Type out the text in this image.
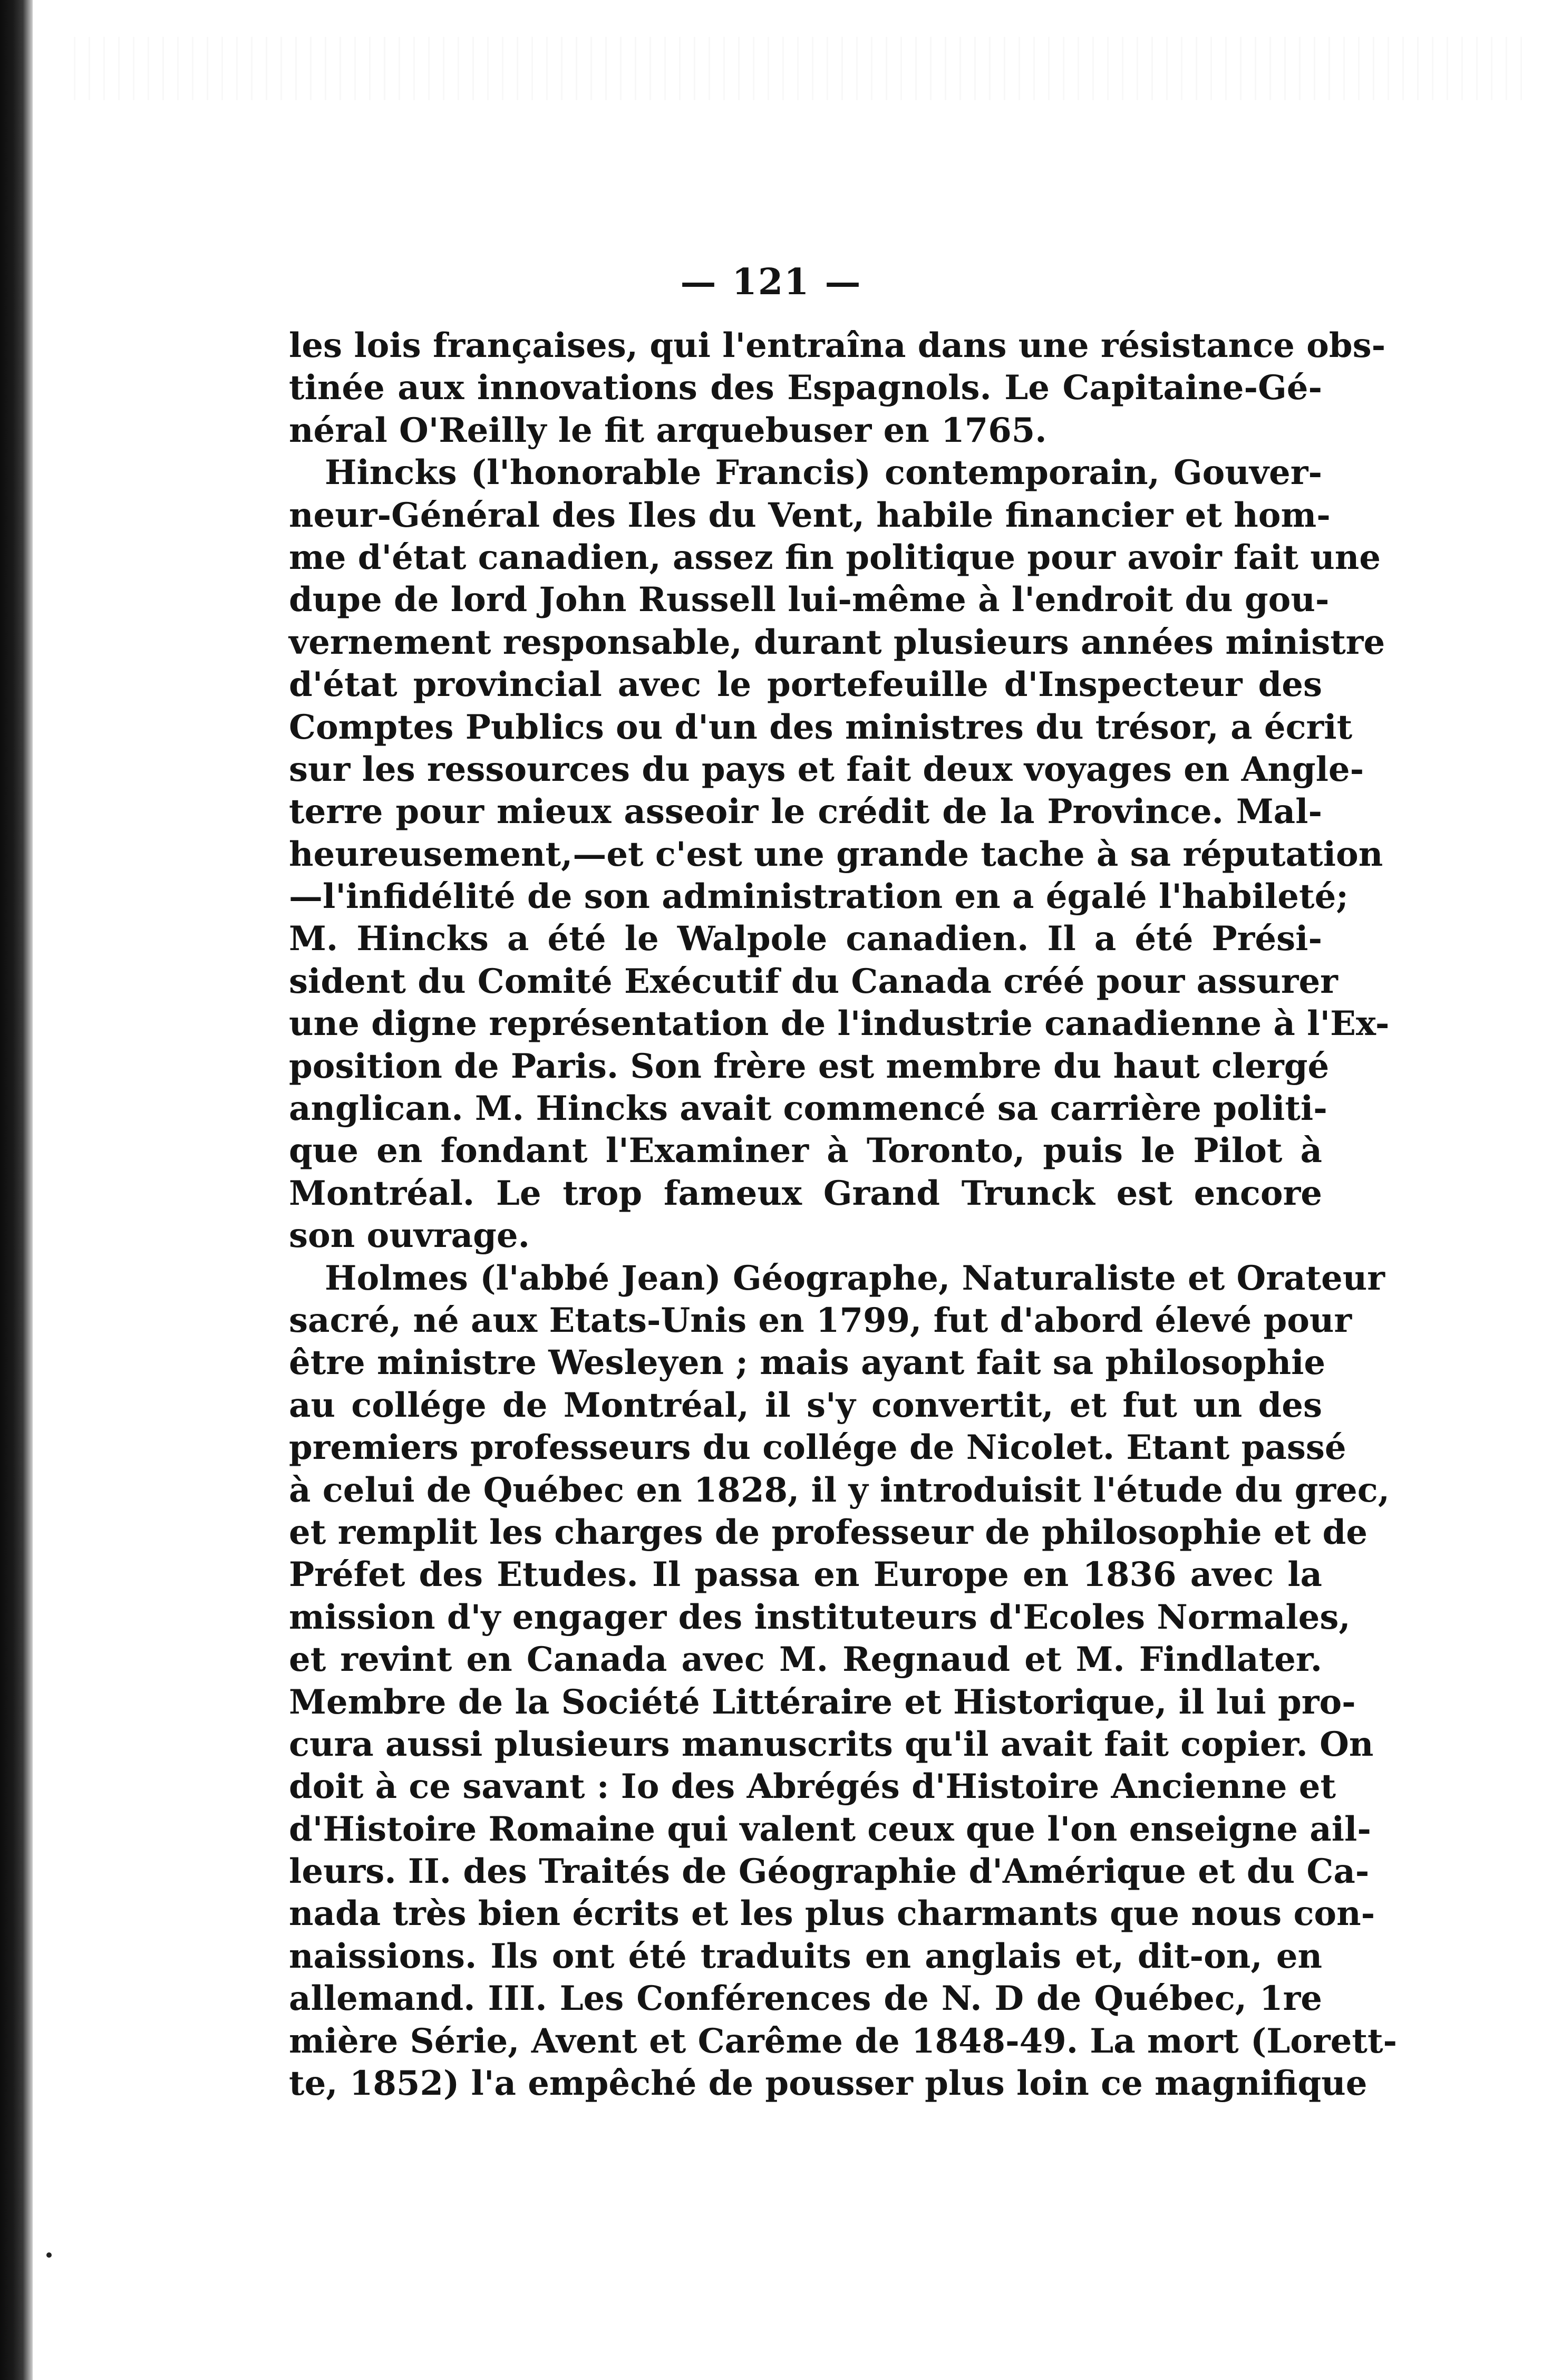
— 121 —
les lois françaises, qui l'entraîna dans une résistance obs-
tinée aux innovations des Espagnols. Le Capitaine-Gé-
néral O'Reilly le fit arquebuser en 1765.
Hincks (l'honorable Francis) contemporain, Gouver-
neur-Général des Iles du Vent, habile financier et hom-
me d'état canadien, assez fin politique pour avoir fait une
dupe de lord John Russell lui-même à l'endroit du gou-
vernement responsable, durant plusieurs années ministre
d'état provincial avec le portefeuille d'Inspecteur des
Comptes Publics ou d'un des ministres du trésor, a écrit
sur les ressources du pays et fait deux voyages en Angle-
terre pour mieux asseoir le crédit de la Province. Mal-
heureusement,—et c'est une grande tache à sa réputation
—l'infidélité de son administration en a égalé l'habileté;
M. Hincks a été le Walpole canadien. Il a été Prési-
sident du Comité Exécutif du Canada créé pour assurer
une digne représentation de l'industrie canadienne à l'Ex-
position de Paris. Son frère est membre du haut clergé
anglican. M. Hincks avait commencé sa carrière politi-
que en fondant l'Examiner à Toronto, puis le Pilot à
Montréal. Le trop fameux Grand Trunck est encore
son ouvrage.
Holmes (l'abbé Jean) Géographe, Naturaliste et Orateur
sacré, né aux Etats-Unis en 1799, fut d'abord élevé pour
être ministre Wesleyen ; mais ayant fait sa philosophie
au collége de Montréal, il s'y convertit, et fut un des
premiers professeurs du collége de Nicolet. Etant passé
à celui de Québec en 1828, il y introduisit l'étude du grec,
et remplit les charges de professeur de philosophie et de
Préfet des Etudes. Il passa en Europe en 1836 avec la
mission d'y engager des instituteurs d'Ecoles Normales,
et revint en Canada avec M. Regnaud et M. Findlater.
Membre de la Société Littéraire et Historique, il lui pro-
cura aussi plusieurs manuscrits qu'il avait fait copier. On
doit à ce savant : Io des Abrégés d'Histoire Ancienne et
d'Histoire Romaine qui valent ceux que l'on enseigne ail-
leurs. II. des Traités de Géographie d'Amérique et du Ca-
nada très bien écrits et les plus charmants que nous con-
naissions. Ils ont été traduits en anglais et, dit-on, en
allemand. III. Les Conférences de N. D de Québec, 1re
mière Série, Avent et Carême de 1848-49. La mort (Lorett-
te, 1852) l'a empêché de pousser plus loin ce magnifique
